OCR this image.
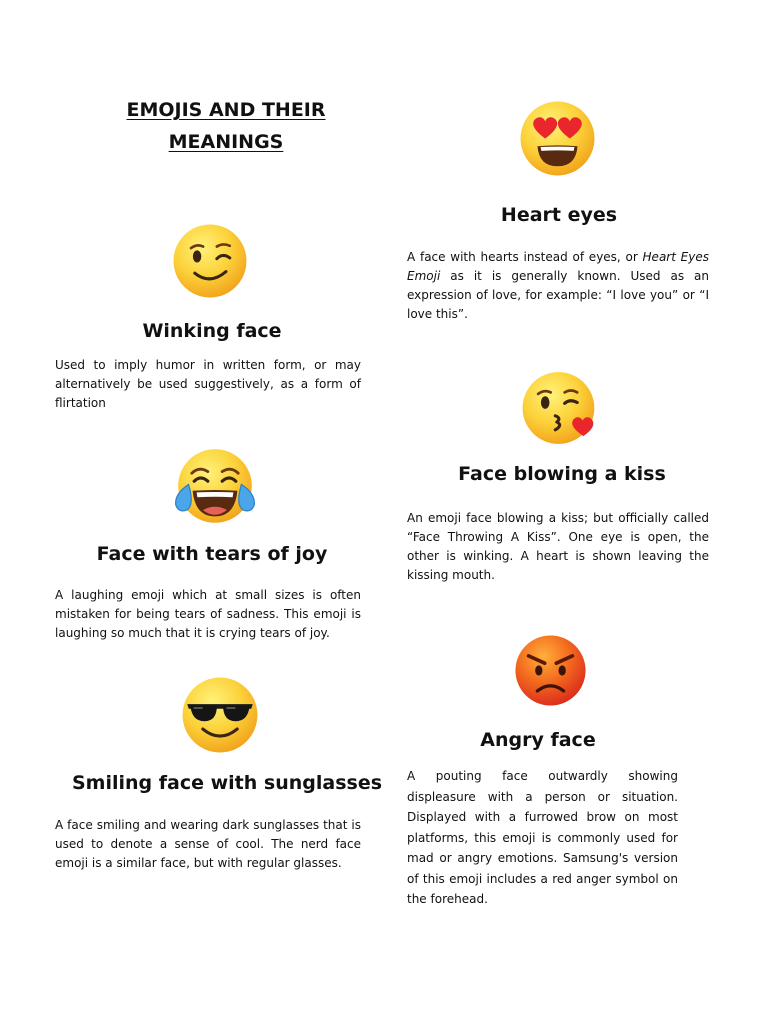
EMOJIS AND THEIR MEANINGS
Winking face
Used to imply humor in written form, or may alternatively be used suggestively, as a form of flirtation
Face with tears of joy
A laughing emoji which at small sizes is often mistaken for being tears of sadness. This emoji is laughing so much that it is crying tears of joy.
Smiling face with sunglasses
A face smiling and wearing dark sunglasses that is used to denote a sense of cool. The nerd face emoji is a similar face, but with regular glasses.
Heart eyes
A face with hearts instead of eyes, or Heart Eyes Emoji as it is generally known. Used as an expression of love, for example: “I love you” or “I love this”.
Face blowing a kiss
An emoji face blowing a kiss; but officially called “Face Throwing A Kiss”. One eye is open, the other is winking. A heart is shown leaving the kissing mouth.
Angry face
A pouting face outwardly showing displeasure with a person or situation. Displayed with a furrowed brow on most platforms, this emoji is commonly used for mad or angry emotions. Samsung's version of this emoji includes a red anger symbol on the forehead.
